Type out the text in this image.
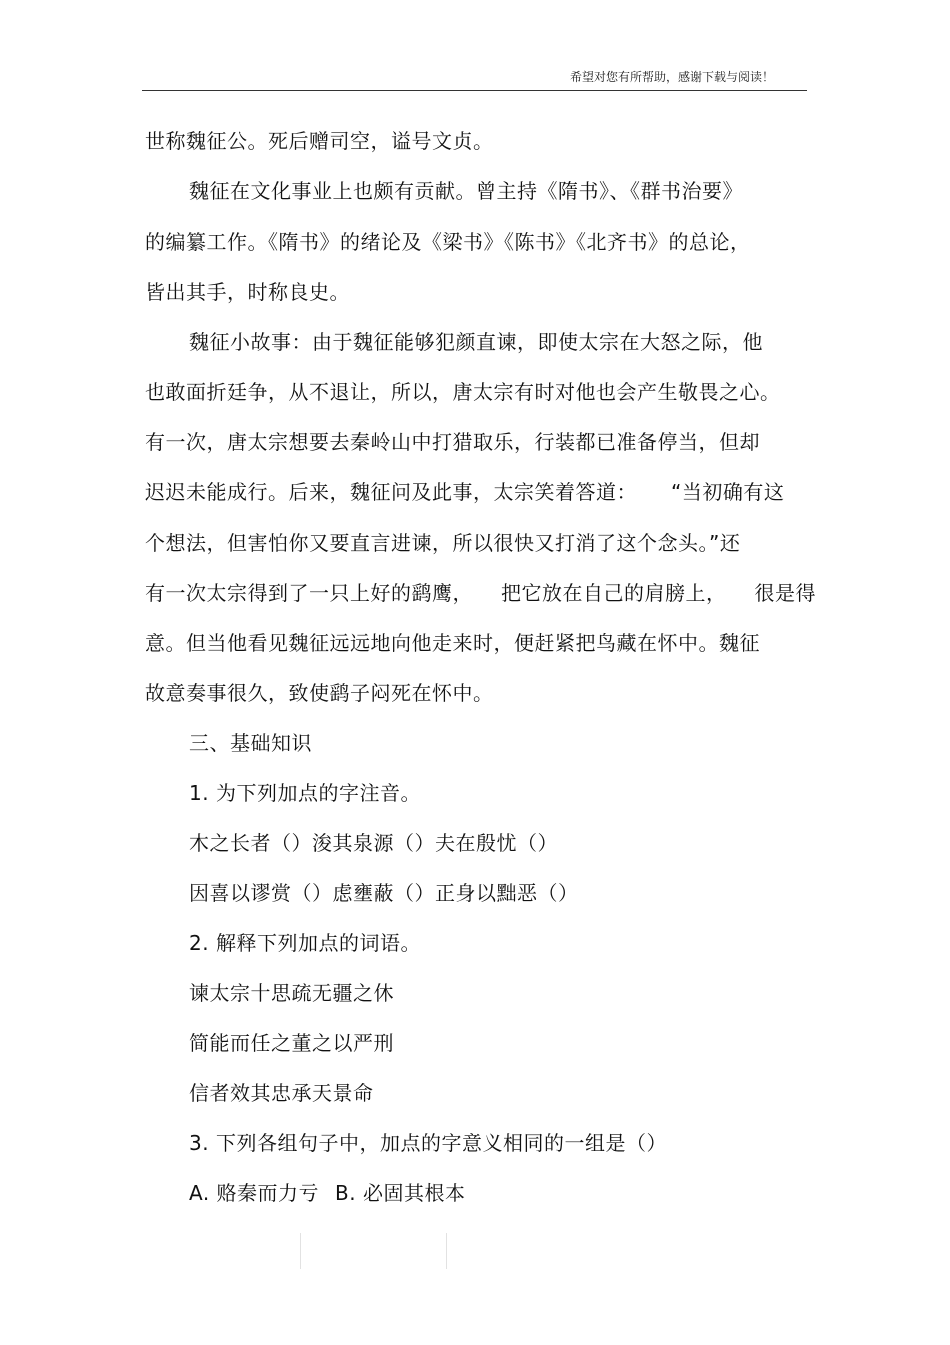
希望对您有所帮助，感谢下载与阅读！
世称魏征公。死后赠司空，谥号文贞。
魏征在文化事业上也颇有贡献。曾主持《隋书》、《群书治要》
的编纂工作。《隋书》的绪论及《梁书》《陈书》《北齐书》的总论，
皆出其手，时称良史。
魏征小故事：由于魏征能够犯颜直谏，即使太宗在大怒之际，他
也敢面折廷争，从不退让，所以，唐太宗有时对他也会产生敬畏之心。
有一次，唐太宗想要去秦岭山中打猎取乐，行装都已准备停当，但却
迟迟未能成行。后来，魏征问及此事，太宗笑着答道： “当初确有这
个想法，但害怕你又要直言进谏，所以很快又打消了这个念头。”还
有一次太宗得到了一只上好的鹞鹰， 把它放在自己的肩膀上， 很是得
意。但当他看见魏征远远地向他走来时，便赶紧把鸟藏在怀中。魏征
故意奏事很久，致使鹞子闷死在怀中。
三、基础知识
1. 为下列加点的字注音。
木之长者（）浚其泉源（）夫在殷忧（）
因喜以谬赏（）虑壅蔽（）正身以黜恶（）
2. 解释下列加点的词语。
谏太宗十思疏无疆之休
简能而任之董之以严刑
信者效其忠承天景命
3. 下列各组句子中，加点的字意义相同的一组是（）
A. 赂秦而力亏 B. 必固其根本
